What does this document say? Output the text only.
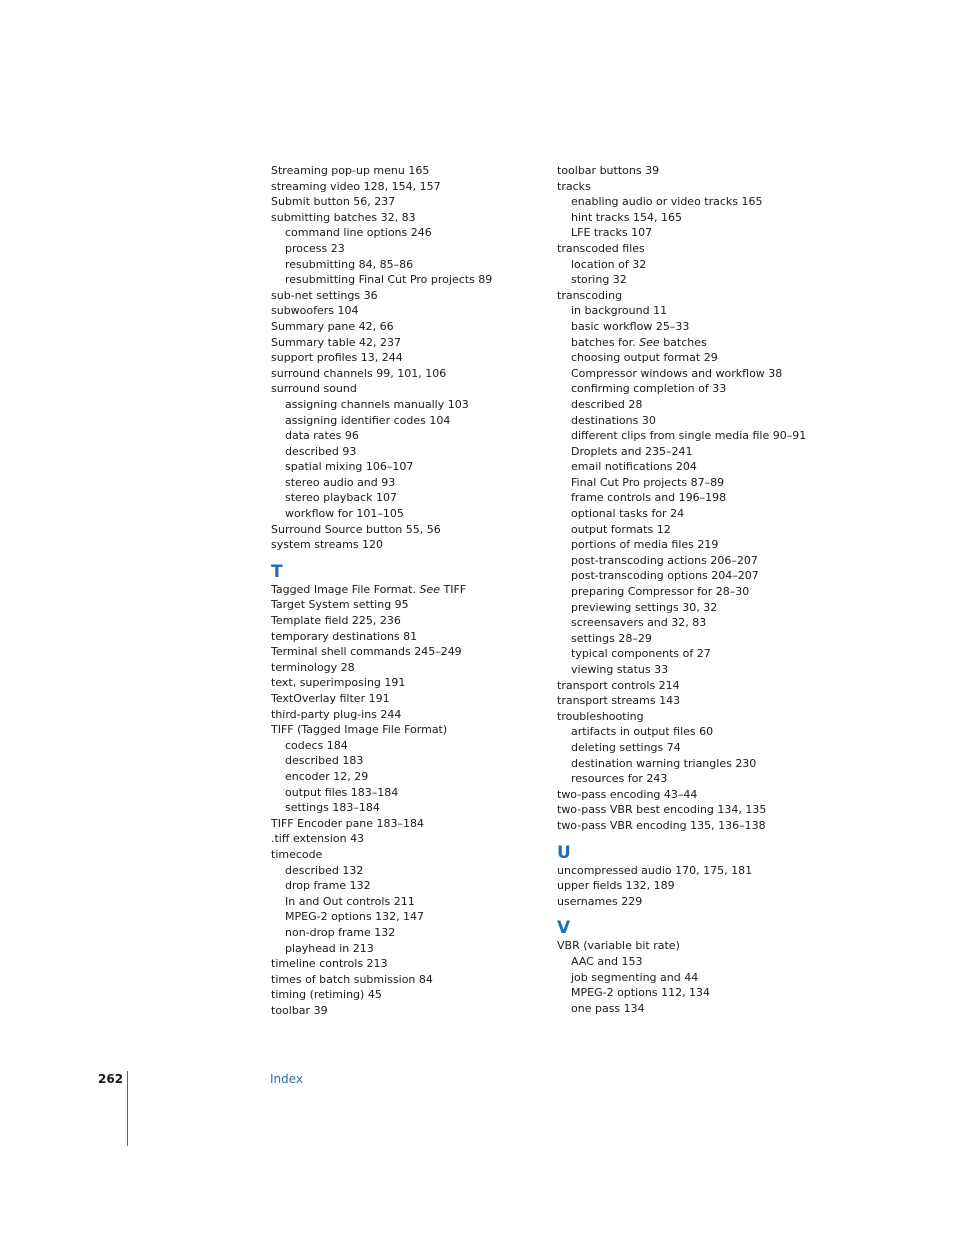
Streaming pop-up menu 165
streaming video 128, 154, 157
Submit button 56, 237
submitting batches 32, 83
command line options 246
process 23
resubmitting 84, 85–86
resubmitting Final Cut Pro projects 89
sub-net settings 36
subwoofers 104
Summary pane 42, 66
Summary table 42, 237
support profiles 13, 244
surround channels 99, 101, 106
surround sound
assigning channels manually 103
assigning identifier codes 104
data rates 96
described 93
spatial mixing 106–107
stereo audio and 93
stereo playback 107
workflow for 101–105
Surround Source button 55, 56
system streams 120
T
Tagged Image File Format. See TIFF
Target System setting 95
Template field 225, 236
temporary destinations 81
Terminal shell commands 245–249
terminology 28
text, superimposing 191
TextOverlay filter 191
third-party plug-ins 244
TIFF (Tagged Image File Format)
codecs 184
described 183
encoder 12, 29
output files 183–184
settings 183–184
TIFF Encoder pane 183–184
.tiff extension 43
timecode
described 132
drop frame 132
In and Out controls 211
MPEG-2 options 132, 147
non-drop frame 132
playhead in 213
timeline controls 213
times of batch submission 84
timing (retiming) 45
toolbar 39
toolbar buttons 39
tracks
enabling audio or video tracks 165
hint tracks 154, 165
LFE tracks 107
transcoded files
location of 32
storing 32
transcoding
in background 11
basic workflow 25–33
batches for. See batches
choosing output format 29
Compressor windows and workflow 38
confirming completion of 33
described 28
destinations 30
different clips from single media file 90–91
Droplets and 235–241
email notifications 204
Final Cut Pro projects 87–89
frame controls and 196–198
optional tasks for 24
output formats 12
portions of media files 219
post-transcoding actions 206–207
post-transcoding options 204–207
preparing Compressor for 28–30
previewing settings 30, 32
screensavers and 32, 83
settings 28–29
typical components of 27
viewing status 33
transport controls 214
transport streams 143
troubleshooting
artifacts in output files 60
deleting settings 74
destination warning triangles 230
resources for 243
two-pass encoding 43–44
two-pass VBR best encoding 134, 135
two-pass VBR encoding 135, 136–138
U
uncompressed audio 170, 175, 181
upper fields 132, 189
usernames 229
V
VBR (variable bit rate)
AAC and 153
job segmenting and 44
MPEG-2 options 112, 134
one pass 134
262	Index
